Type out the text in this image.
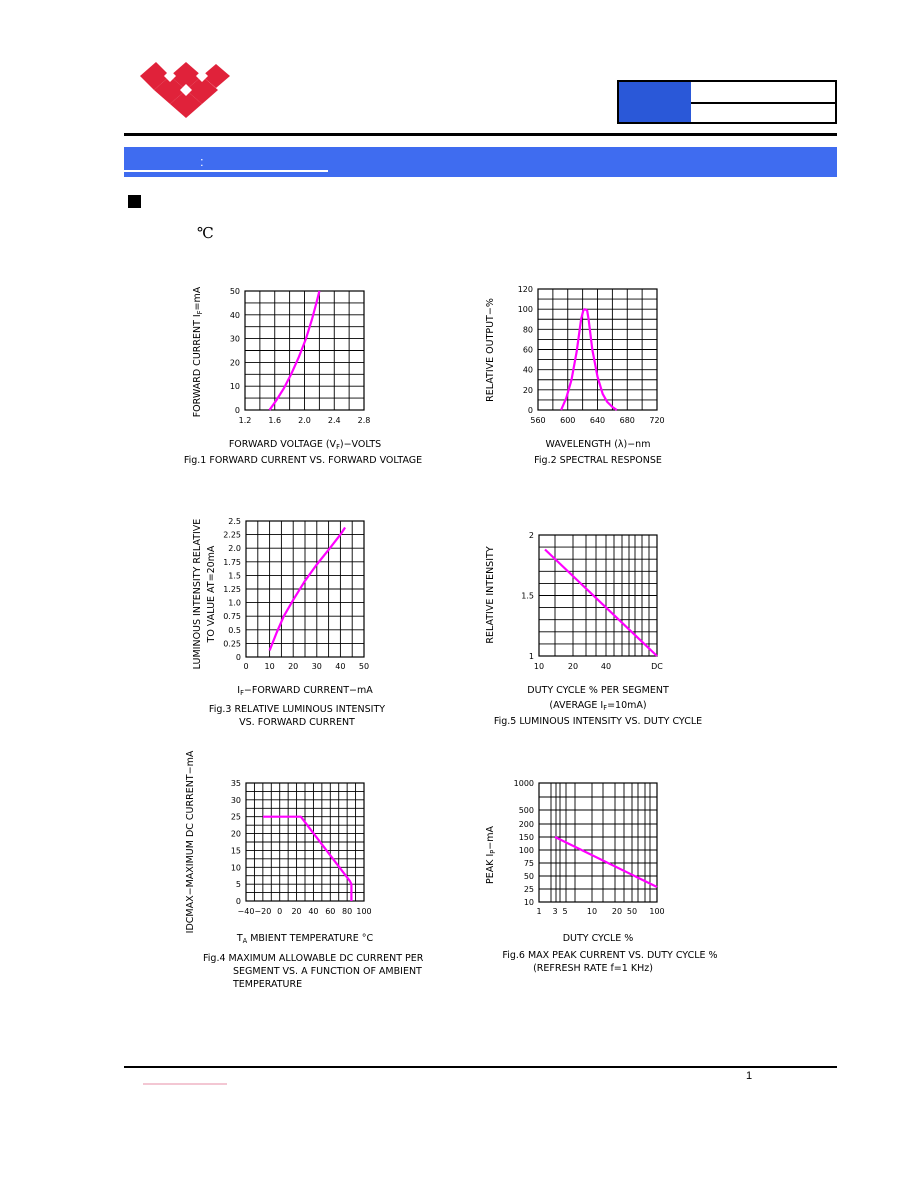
:
℃
1.2 1.6 2.0 2.4 2.8
0
10
20
30
40
50
FORWARD VOLTAGE $(V_F)-VOLTS$
Fig.1 FORWARD CURRENT VS. FORWARD VOLTAGE
FORWARD CURRENT $I_F=mA$
560 600 640 680 720
0
20
40
60
80
100
120
WAVELENGTH (λ)−nm
Fig.2 SPECTRAL RESPONSE
RELATIVE OUTPUT−%
0 10 20 30 40 50
0
0.25
0.5
0.75
1.0
1.25
1.5
1.75
2.0
2.25
2.5
$I_F-FORWARD$ CURRENT−mA
Fig.3 RELATIVE LUMINOUS INTENSITY
VS. FORWARD CURRENT
LUMINOUS INTENSITY RELATIVE TO VALUE AT=20mA
10	20	40	DC
1
1.5
2
DUTY CYCLE % PER SEGMENT
(AVERAGE $I_F=10mA$)
Fig.5 LUMINOUS INTENSITY VS. DUTY CYCLE
RELATIVE INTENSITY
−40 −20 0 20 40 60 80 100
0
5
10
15
20
25
30
35
$T_A$ MBIENT TEMPERATURE °C
Fig.4 MAXIMUM ALLOWABLE DC CURRENT PER
SEGMENT VS. A FUNCTION OF AMBIENT
TEMPERATURE
IDCMAX−MAXIMUM DC CURRENT−mA	1 3 5 10 20 50 100
10
25
50
75
100
150
200
500
1000
DUTY CYCLE %
Fig.6 MAX PEAK CURRENT VS. DUTY CYCLE %
(REFRESH RATE f=1 KHz)
PEAK $I_P-mA$
1
